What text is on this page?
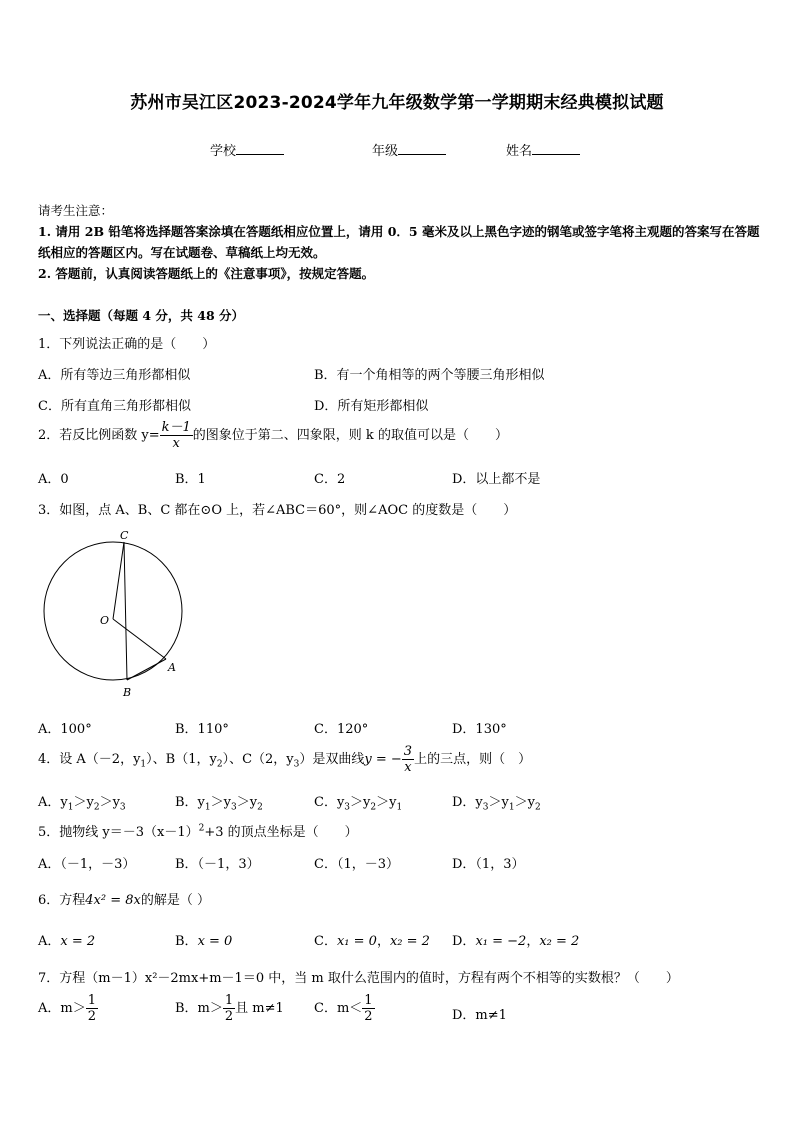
苏州市吴江区2023-2024学年九年级数学第一学期期末经典模拟试题
学校	年级	姓名
请考生注意：
1. 请用 2B 铅笔将选择题答案涂填在答题纸相应位置上，请用 0．5 毫米及以上黑色字迹的钢笔或签字笔将主观题的答案写在答题纸相应的答题区内。写在试题卷、草稿纸上均无效。
2. 答题前，认真阅读答题纸上的《注意事项》，按规定答题。
一、选择题（每题 4 分，共 48 分）
1．下列说法正确的是（　　）
A．所有等边三角形都相似	B．有一个角相等的两个等腰三角形相似
C．所有直角三角形都相似	D．所有矩形都相似
2．若反比例函数 $y= \frac{k-1}{x}$ 的图象位于第二、四象限，则 k 的取值可以是（　　）
A．0	B．1	C．2	D．以上都不是
3．如图，点 A、B、C 都在⊙O 上，若∠ABC＝60°，则∠AOC 的度数是（　　）
C
O
A
B
A．100°	B．110°	C．120°	D．130°
4．设 A（－2，$y_1$）、B（1，$y_2$）、C（2，$y_3$）是双曲线y = − $\frac{3}{x}$ 上的三点，则（　）
A．$y_1>y_2>y_3$	B．$y_1>y_3>y_2$	C．$y_3>y_2>y_1$	D．$y_3>y_1>y_2$
5．抛物线 $y=-3(x-1)^2+3$ 的顶点坐标是（　　）
A．（－1，－3）	B．（－1，3）	C．（1，－3）	D．（1，3）
6．方程4x² = 8x的解是（ ）
A．x = 2	B．x = 0	C．x₁ = 0，x₂ = 2 D．x₁ = −2，x₂ = 2
7．方程（m－1）x²－2mx+m－1＝0 中，当 m 取什么范围内的值时，方程有两个不相等的实数根？（　　）
A．$m> \frac{1}{2}$	B．$m> \frac{1}{2}$ 且 m≠1 C．$m< \frac{1}{2}$	D．m≠1
